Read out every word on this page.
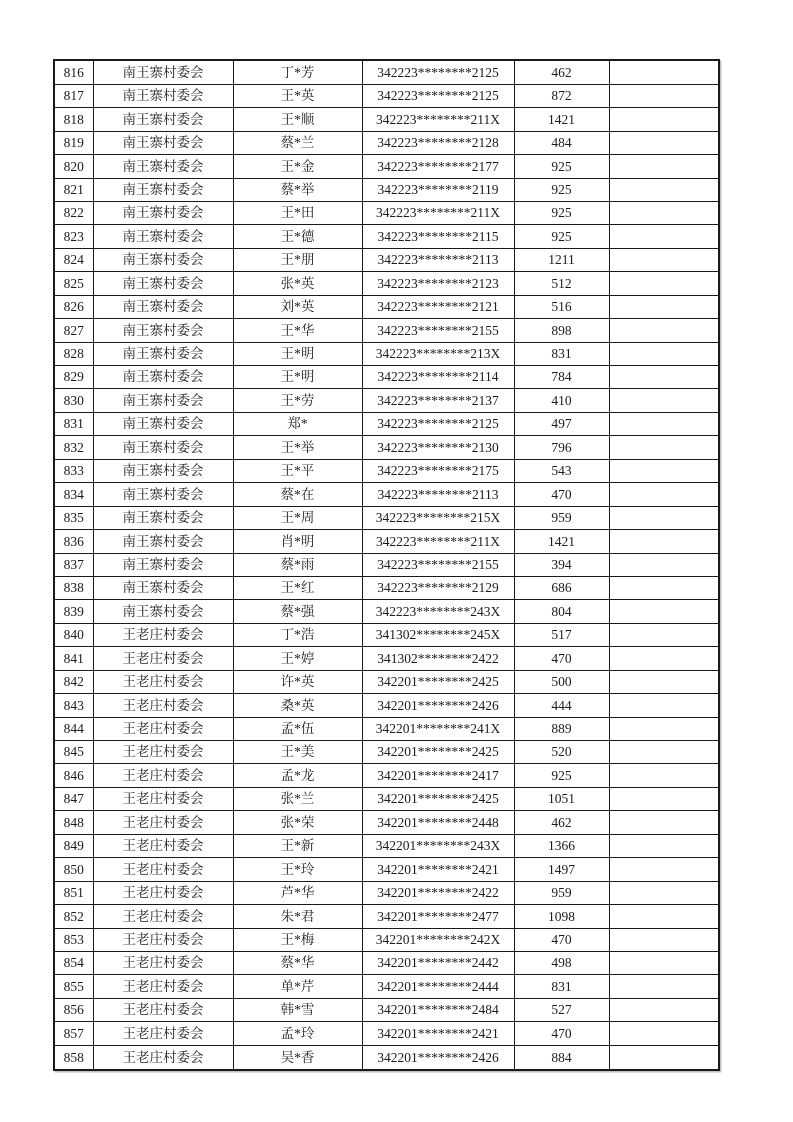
816	南王寨村委会	丁*芳	342223********2125	462	
817	南王寨村委会	王*英	342223********2125	872	
818	南王寨村委会	王*顺	342223********211X	1421	
819	南王寨村委会	蔡*兰	342223********2128	484	
820	南王寨村委会	王*金	342223********2177	925	
821	南王寨村委会	蔡*举	342223********2119	925	
822	南王寨村委会	王*田	342223********211X	925	
823	南王寨村委会	王*德	342223********2115	925	
824	南王寨村委会	王*朋	342223********2113	1211	
825	南王寨村委会	张*英	342223********2123	512	
826	南王寨村委会	刘*英	342223********2121	516	
827	南王寨村委会	王*华	342223********2155	898	
828	南王寨村委会	王*明	342223********213X	831	
829	南王寨村委会	王*明	342223********2114	784	
830	南王寨村委会	王*劳	342223********2137	410	
831	南王寨村委会	郑*	342223********2125	497	
832	南王寨村委会	王*举	342223********2130	796	
833	南王寨村委会	王*平	342223********2175	543	
834	南王寨村委会	蔡*在	342223********2113	470	
835	南王寨村委会	王*周	342223********215X	959	
836	南王寨村委会	肖*明	342223********211X	1421	
837	南王寨村委会	蔡*雨	342223********2155	394	
838	南王寨村委会	王*红	342223********2129	686	
839	南王寨村委会	蔡*强	342223********243X	804	
840	王老庄村委会	丁*浩	341302********245X	517	
841	王老庄村委会	王*婷	341302********2422	470	
842	王老庄村委会	许*英	342201********2425	500	
843	王老庄村委会	桑*英	342201********2426	444	
844	王老庄村委会	孟*伍	342201********241X	889	
845	王老庄村委会	王*美	342201********2425	520	
846	王老庄村委会	孟*龙	342201********2417	925	
847	王老庄村委会	张*兰	342201********2425	1051	
848	王老庄村委会	张*荣	342201********2448	462	
849	王老庄村委会	王*新	342201********243X	1366	
850	王老庄村委会	王*玲	342201********2421	1497	
851	王老庄村委会	芦*华	342201********2422	959	
852	王老庄村委会	朱*君	342201********2477	1098	
853	王老庄村委会	王*梅	342201********242X	470	
854	王老庄村委会	蔡*华	342201********2442	498	
855	王老庄村委会	单*芹	342201********2444	831	
856	王老庄村委会	韩*雪	342201********2484	527	
857	王老庄村委会	孟*玲	342201********2421	470	
858	王老庄村委会	吴*香	342201********2426	884	
